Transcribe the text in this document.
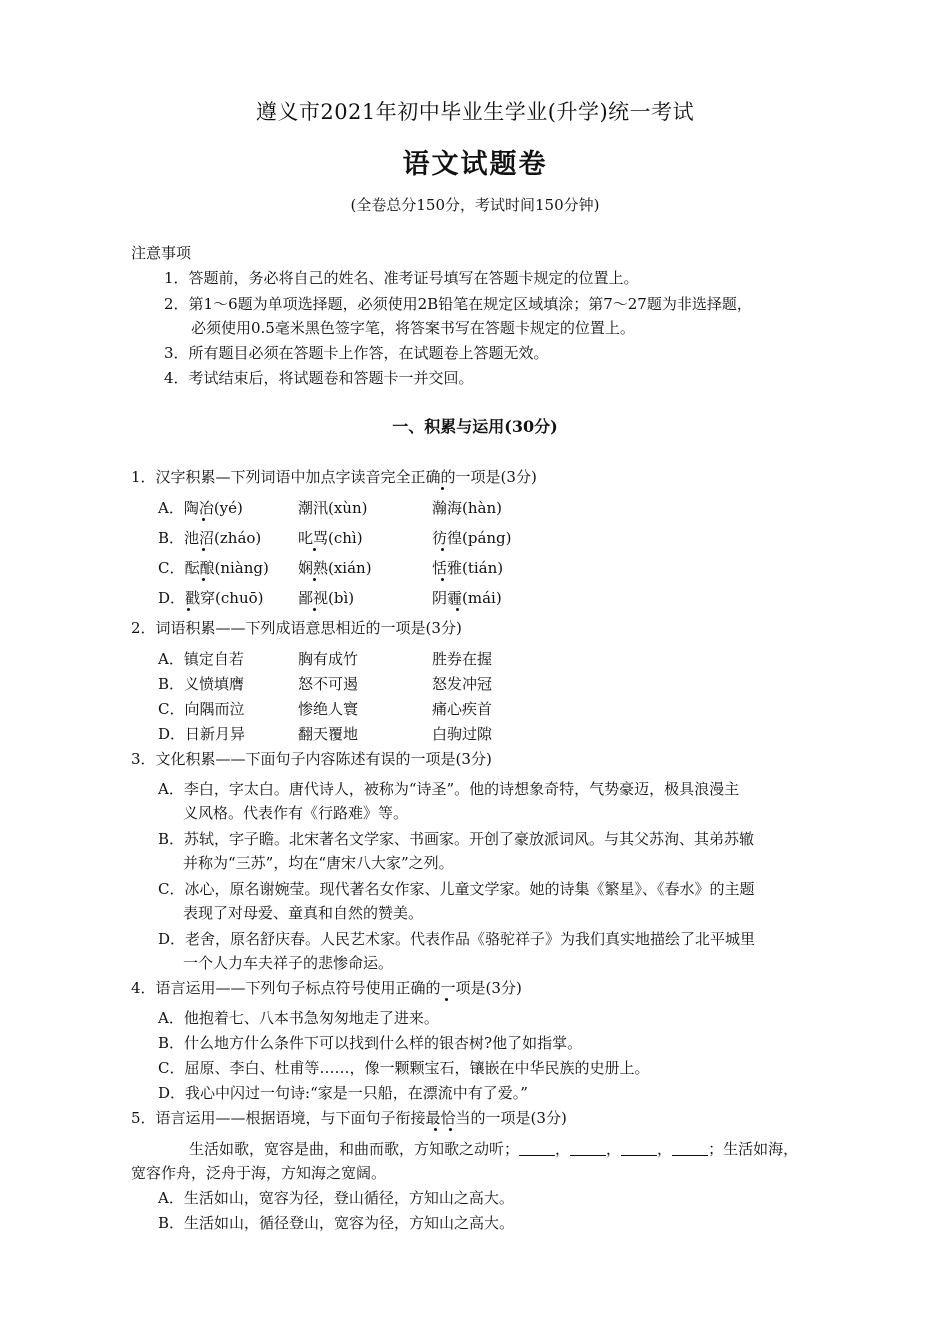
遵义市2021年初中毕业生学业(升学)统一考试
语文试题卷
(全卷总分150分，考试时间150分钟)
注意事项
1．答题前，务必将自己的姓名、准考证号填写在答题卡规定的位置上。
2．第1～6题为单项选择题，必须使用2B铅笔在规定区域填涂；第7～27题为非选择题，
必须使用0.5毫米黑色签字笔，将答案书写在答题卡规定的位置上。
3．所有题目必须在答题卡上作答，在试题卷上答题无效。
4．考试结束后，将试题卷和答题卡一并交回。
一、积累与运用(30分)
1．汉字积累—下列词语中加点字读音完全正确的一项是(3分)
A．陶冶(yé)	潮汛(xùn)	瀚海(hàn)
B．池沼(zháo) 叱骂(chì)	彷徨(páng)
C．酝酿(niàng) 娴熟(xián)	恬雅(tián)
D．戳穿(chuō) 鄙视(bì)	阴霾(mái)
2．词语积累——下列成语意思相近的一项是(3分)
A．镇定自若	胸有成竹	胜券在握
B．义愤填膺	怒不可遏	怒发冲冠
C．向隅而泣	惨绝人寰	痛心疾首
D．日新月异	翻天覆地	白驹过隙
3．文化积累——下面句子内容陈述有误的一项是(3分)
A．李白，字太白。唐代诗人，被称为“诗圣”。他的诗想象奇特，气势豪迈，极具浪漫主
义风格。代表作有《行路难》等。
B．苏轼，字子瞻。北宋著名文学家、书画家。开创了豪放派词风。与其父苏洵、其弟苏辙
并称为“三苏”，均在“唐宋八大家”之列。
C．冰心，原名谢婉莹。现代著名女作家、儿童文学家。她的诗集《繁星》、《春水》的主题
表现了对母爱、童真和自然的赞美。
D．老舍，原名舒庆春。人民艺术家。代表作品《骆驼祥子》为我们真实地描绘了北平城里
一个人力车夫祥子的悲惨命运。
4．语言运用——下列句子标点符号使用正确的一项是(3分)
A．他抱着七、八本书急匆匆地走了进来。
B．什么地方什么条件下可以找到什么样的银杏树?他了如指掌。
C．屈原、李白、杜甫等……，像一颗颗宝石，镶嵌在中华民族的史册上。
D．我心中闪过一句诗:“家是一只船，在漂流中有了爱。”
5．语言运用——根据语境，与下面句子衔接最恰当的一项是(3分)
生活如歌，宽容是曲，和曲而歌，方知歌之动听； ， ， ， ；生活如海，
宽容作舟，泛舟于海，方知海之宽阔。
A．生活如山，宽容为径，登山循径，方知山之高大。
B．生活如山，循径登山，宽容为径，方知山之高大。
